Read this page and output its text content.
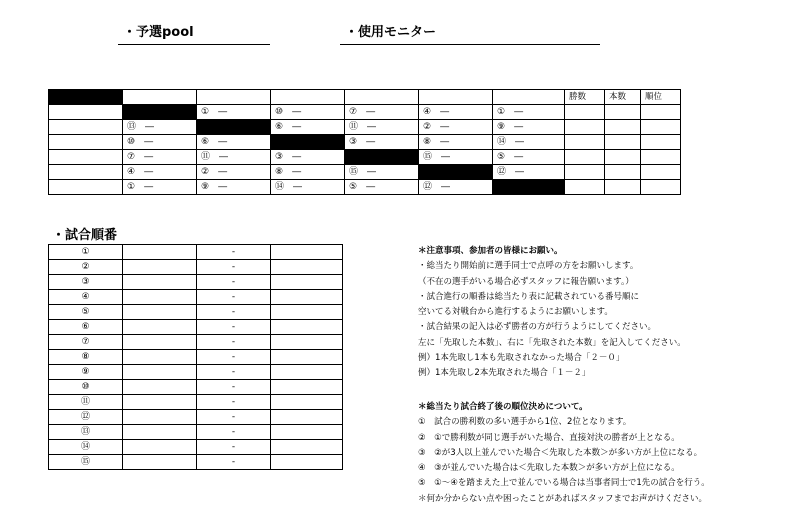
・予選pool	・使用モニター
							勝数	本数	順位
		①　―	⑩　―	⑦　―	④　―	①　―			
	⑬　―		⑥　―	⑪　―	②　―	⑨　―			
	⑩　―	⑥　―		③　―	⑧　―	⑭　―			
	⑦　―	⑪　―	③　―		⑮　―	⑤　―			
	④　―	②　―	⑧　―	⑮　―		⑫　―			
	①　―	⑨　―	⑭　―	⑤　―	⑫　―				
・試合順番
①		-	
②		-	
③		-	
④		-	
⑤		-	
⑥		-	
⑦		-	
⑧		-	
⑨		-	
⑩		-	
⑪		-	
⑫		-	
⑬		-	
⑭		-	
⑮		-	

＊注意事項、参加者の皆様にお願い。

・総当たり開始前に選手同士で点呼の方をお願いします。

（不在の選手がいる場合必ずスタッフに報告願います。）

・試合進行の順番は総当たり表に記載されている番号順に

空いてる対戦台から進行するようにお願いします。

・試合結果の記入は必ず勝者の方が行うようにしてください。

左に「先取した本数」、右に「先取された本数」を記入してください。

例）1本先取し1本も先取されなかった場合「２－０」

例）1本先取し2本先取された場合「１－２」

＊総当たり試合終了後の順位決めについて。

①　試合の勝利数の多い選手から1位、2位となります。

②　①で勝利数が同じ選手がいた場合、直接対決の勝者が上となる。

③　②が3人以上並んでいた場合＜先取した本数＞が多い方が上位になる。

④　③が並んでいた場合は＜先取した本数＞が多い方が上位になる。

⑤　①～④を踏まえた上で並んでいる場合は当事者同士で1先の試合を行う。

＊何か分からない点や困ったことがあればスタッフまでお声がけください。
